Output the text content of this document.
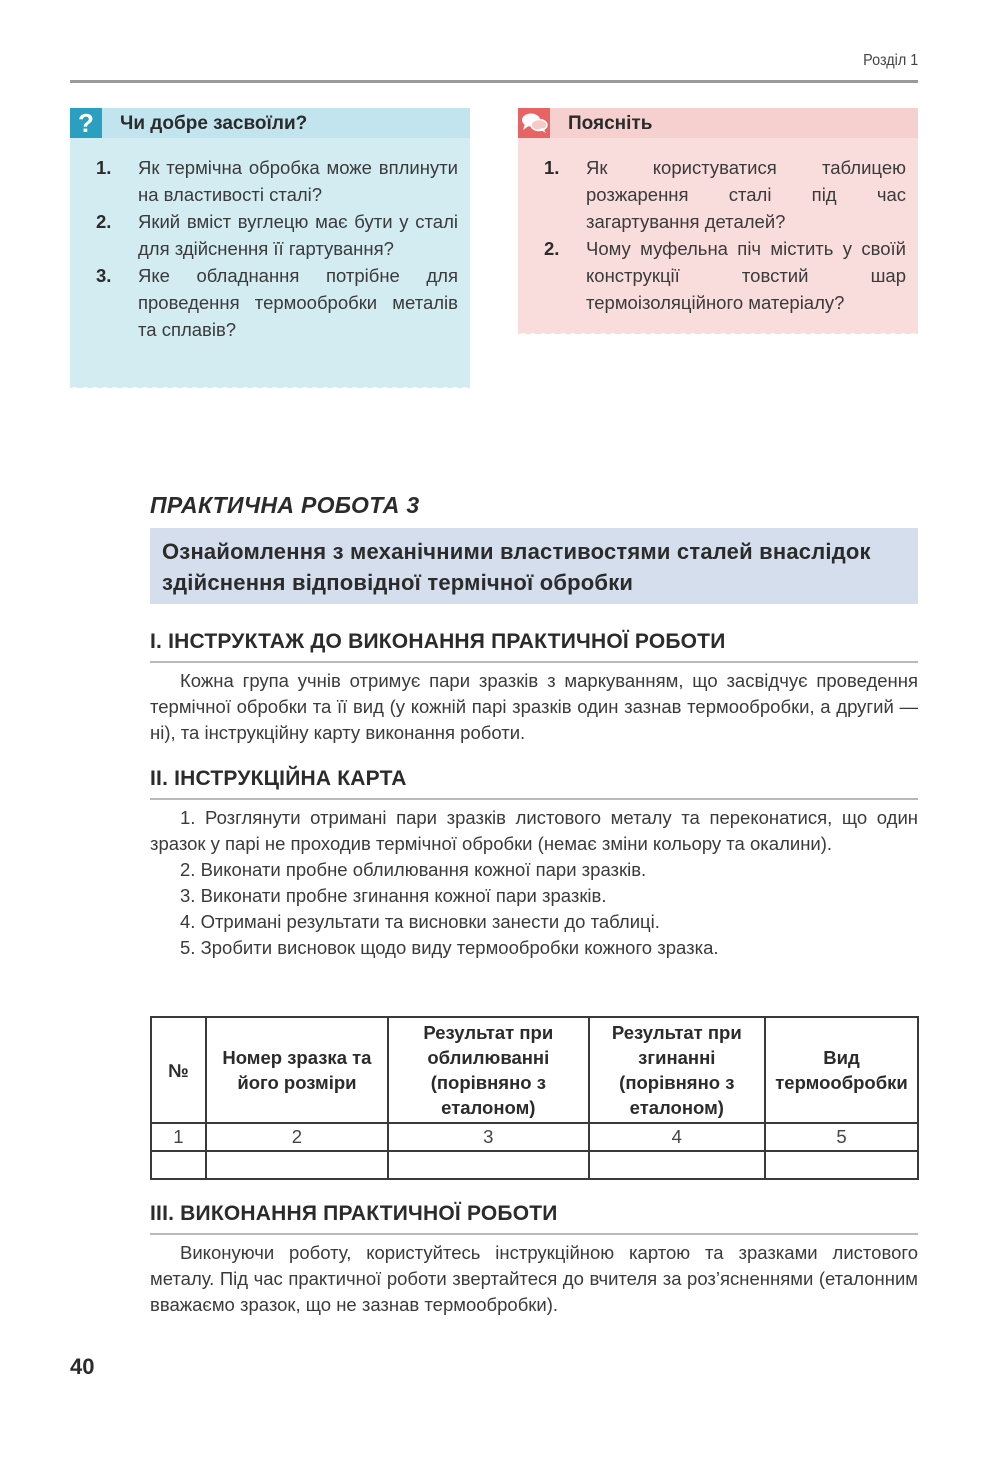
Розділ 1
?	Чи добре засвоїли?
1. Як термічна обробка може вплинути на властивості сталі?
2. Який вміст вуглецю має бути у сталі для здійснення її гартування?
3. Яке обладнання потрібне для проведення термообробки металів та сплавів?
Поясніть
1. Як користуватися таблицею розжарення сталі під час загартування деталей?
2. Чому муфельна піч містить у своїй конструкції товстий шар термоізоляційного матеріалу?
ПРАКТИЧНА РОБОТА 3
Ознайомлення з механічними властивостями сталей внаслідок здійснення відповідної термічної обробки
І. ІНСТРУКТАЖ ДО ВИКОНАННЯ ПРАКТИЧНОЇ РОБОТИ

Кожна група учнів отримує пари зразків з маркуванням, що засвідчує проведення термічної обробки та її вид (у кожній парі зразків один зазнав термообробки, а другий — ні), та інструкційну карту виконання роботи.

ІІ. ІНСТРУКЦІЙНА КАРТА
1. Розглянути отримані пари зразків листового металу та переконатися, що один зразок у парі не проходив термічної обробки (немає зміни кольору та окалини).
2. Виконати пробне облилювання кожної пари зразків.
3. Виконати пробне згинання кожної пари зразків.
4. Отримані результати та висновки занести до таблиці.
5. Зробити висновок щодо виду термообробки кожного зразка.
№	Номер зразка та його розміри	Результат при облилюванні (порівняно з еталоном)	Результат при згинанні (порівняно з еталоном)	Вид термообробки
1	2	3	4	5

ІІІ. ВИКОНАННЯ ПРАКТИЧНОЇ РОБОТИ

Виконуючи роботу, користуйтесь інструкційною картою та зразками листового металу. Під час практичної роботи звертайтеся до вчителя за роз’ясненнями (еталонним вважаємо зразок, що не зазнав термообробки).

40
